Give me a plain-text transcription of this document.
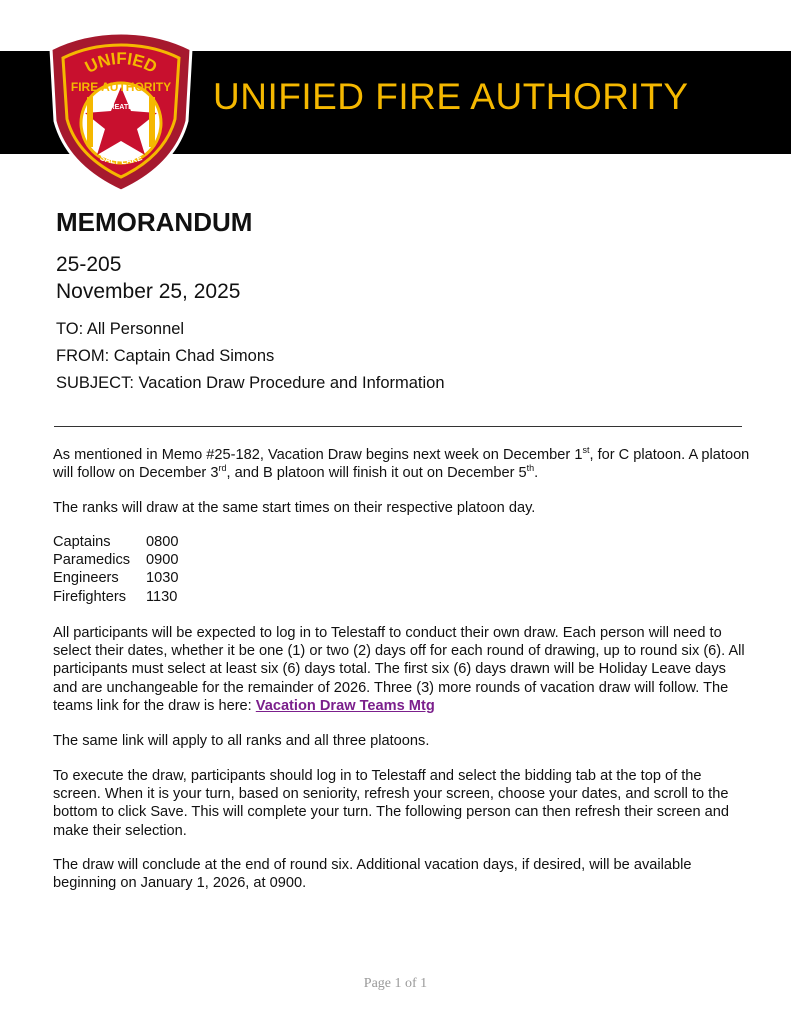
UNIFIED
FIRE AUTHORITY
GREATER
SALT LAKE
UNIFIED FIRE AUTHORITY
MEMORANDUM
25-205
November 25, 2025
TO: All Personnel
FROM: Captain Chad Simons
SUBJECT: Vacation Draw Procedure and Information
As mentioned in Memo #25-182, Vacation Draw begins next week on December 1st, for C platoon. A platoon will follow on December 3rd, and B platoon will finish it out on December 5th.
The ranks will draw at the same start times on their respective platoon day.
Captains	0800
Paramedics	0900
Engineers	1030
Firefighters	1130
All participants will be expected to log in to Telestaff to conduct their own draw. Each person will need to select their dates, whether it be one (1) or two (2) days off for each round of drawing, up to round six (6). All participants must select at least six (6) days total. The first six (6) days drawn will be Holiday Leave days and are unchangeable for the remainder of 2026. Three (3) more rounds of vacation draw will follow. The teams link for the draw is here: Vacation Draw Teams Mtg
The same link will apply to all ranks and all three platoons.
To execute the draw, participants should log in to Telestaff and select the bidding tab at the top of the screen. When it is your turn, based on seniority, refresh your screen, choose your dates, and scroll to the bottom to click Save. This will complete your turn. The following person can then refresh their screen and make their selection.
The draw will conclude at the end of round six. Additional vacation days, if desired, will be available beginning on January 1, 2026, at 0900.
Page 1 of 1
